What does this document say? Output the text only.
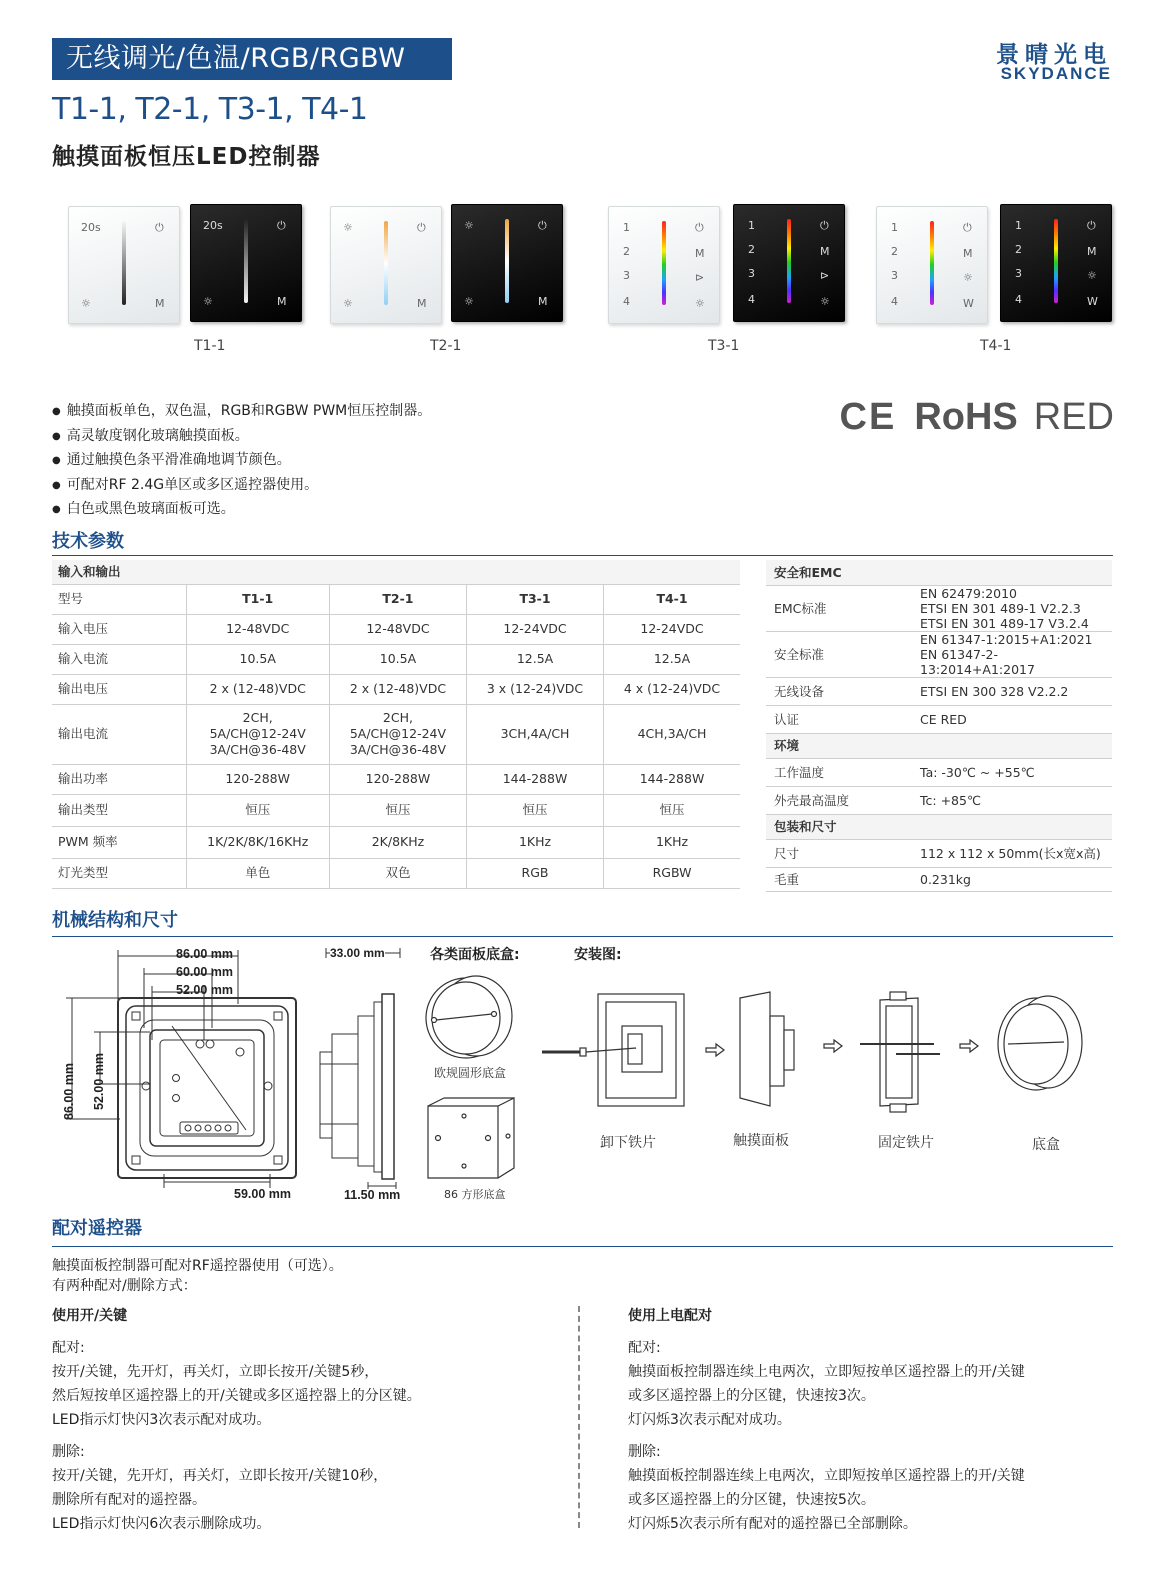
无线调光/色温/RGB/RGBW
T1-1, T2-1, T3-1, T4-1
触摸面板恒压LED控制器
景晴光电
SKYDANCE
20s	⏻
☼	M
20s	⏻
☼	M
T1-1
☼	⏻
☼	M
☼	⏻
☼	M
T2-1
1
2
3
4
⏻
M
⊳
☼
1
2
3
4
⏻
M
⊳
☼
T3-1
1
2
3
4
⏻
M
☼
W
1
2
3
4
⏻
M
☼
W
T4-1
● 触摸面板单色，双色温，RGB和RGBW PWM恒压控制器。
● 高灵敏度钢化玻璃触摸面板。
● 通过触摸色条平滑准确地调节颜色。
● 可配对RF 2.4G单区或多区遥控器使用。
● 白色或黑色玻璃面板可选。
CE RoHS RED
技术参数
输入和输出				
型号	T1-1	T2-1	T3-1	T4-1
输入电压	12-48VDC	12-48VDC	12-24VDC	12-24VDC
输入电流	10.5A	10.5A	12.5A	12.5A
输出电压	2 x (12-48)VDC	2 x (12-48)VDC	3 x (12-24)VDC	4 x (12-24)VDC
输出电流	2CH,
5A/CH@12-24V
3A/CH@36-48V	2CH,
5A/CH@12-24V
3A/CH@36-48V	3CH,4A/CH	4CH,3A/CH
输出功率	120-288W	120-288W	144-288W	144-288W
输出类型	恒压	恒压	恒压	恒压
PWM 频率	1K/2K/8K/16KHz	2K/8KHz	1KHz	1KHz
灯光类型	单色	双色	RGB	RGBW
安全和EMC	
EMC标准	EN 62479:2010
ETSI EN 301 489-1 V2.2.3
ETSI EN 301 489-17 V3.2.4
安全标准	EN 61347-1:2015+A1:2021
EN 61347-2-13:2014+A1:2017
无线设备	ETSI EN 300 328 V2.2.2
认证	CE RED
环境	
工作温度	Ta: -30℃ ~ +55℃
外壳最高温度	Tc: +85℃
包装和尺寸	
尺寸	112 x 112 x 50mm(长x宽x高)
毛重	0.231kg
机械结构和尺寸
86.00 mm
60.00 mm
52.00 mm
86.00 mm 52.00 mm
59.00 mm
33.00 mm
11.50 mm
各类面板底盒:
欧规圆形底盒
86 方形底盒
安装图:
卸下铁片	触摸面板	固定铁片	底盒
配对遥控器
触摸面板控制器可配对RF遥控器使用（可选）。
有两种配对/删除方式：
使用开/关键

配对:

按开/关键，先开灯，再关灯，立即长按开/关键5秒，

然后短按单区遥控器上的开/关键或多区遥控器上的分区键。

LED指示灯快闪3次表示配对成功。

删除:

按开/关键，先开灯，再关灯，立即长按开/关键10秒，

删除所有配对的遥控器。

LED指示灯快闪6次表示删除成功。

使用上电配对

配对:

触摸面板控制器连续上电两次，立即短按单区遥控器上的开/关键

或多区遥控器上的分区键，快速按3次。

灯闪烁3次表示配对成功。

删除:

触摸面板控制器连续上电两次，立即短按单区遥控器上的开/关键

或多区遥控器上的分区键，快速按5次。

灯闪烁5次表示所有配对的遥控器已全部删除。
